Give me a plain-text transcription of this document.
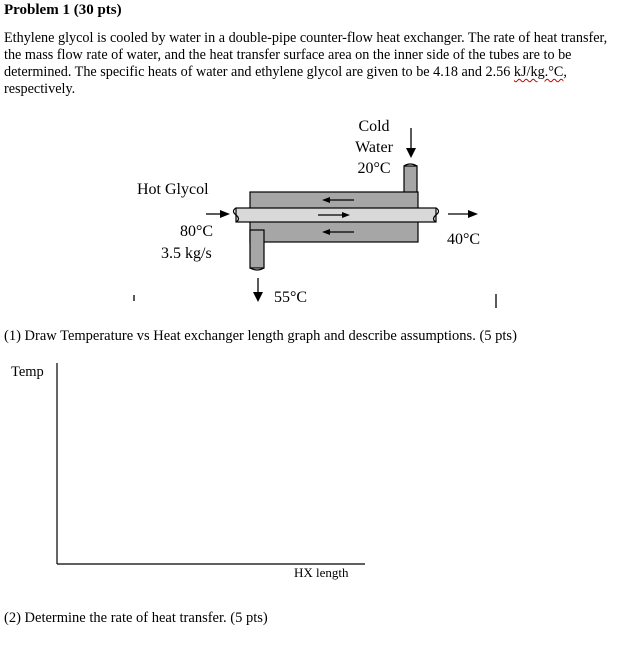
Problem 1 (30 pts)
Ethylene glycol is cooled by water in a double-pipe counter-flow heat exchanger. The rate of heat transfer, the mass flow rate of water, and the heat transfer surface area on the inner side of the tubes are to be determined. The specific heats of water and ethylene glycol are given to be 4.18 and 2.56 kJ/kg.°C, respectively.
Cold
Water
20°C
Hot Glycol
80°C
3.5 kg/s
40°C
55°C
(1) Draw Temperature vs Heat exchanger length graph and describe assumptions. (5 pts)
Temp
HX length
(2) Determine the rate of heat transfer. (5 pts)
